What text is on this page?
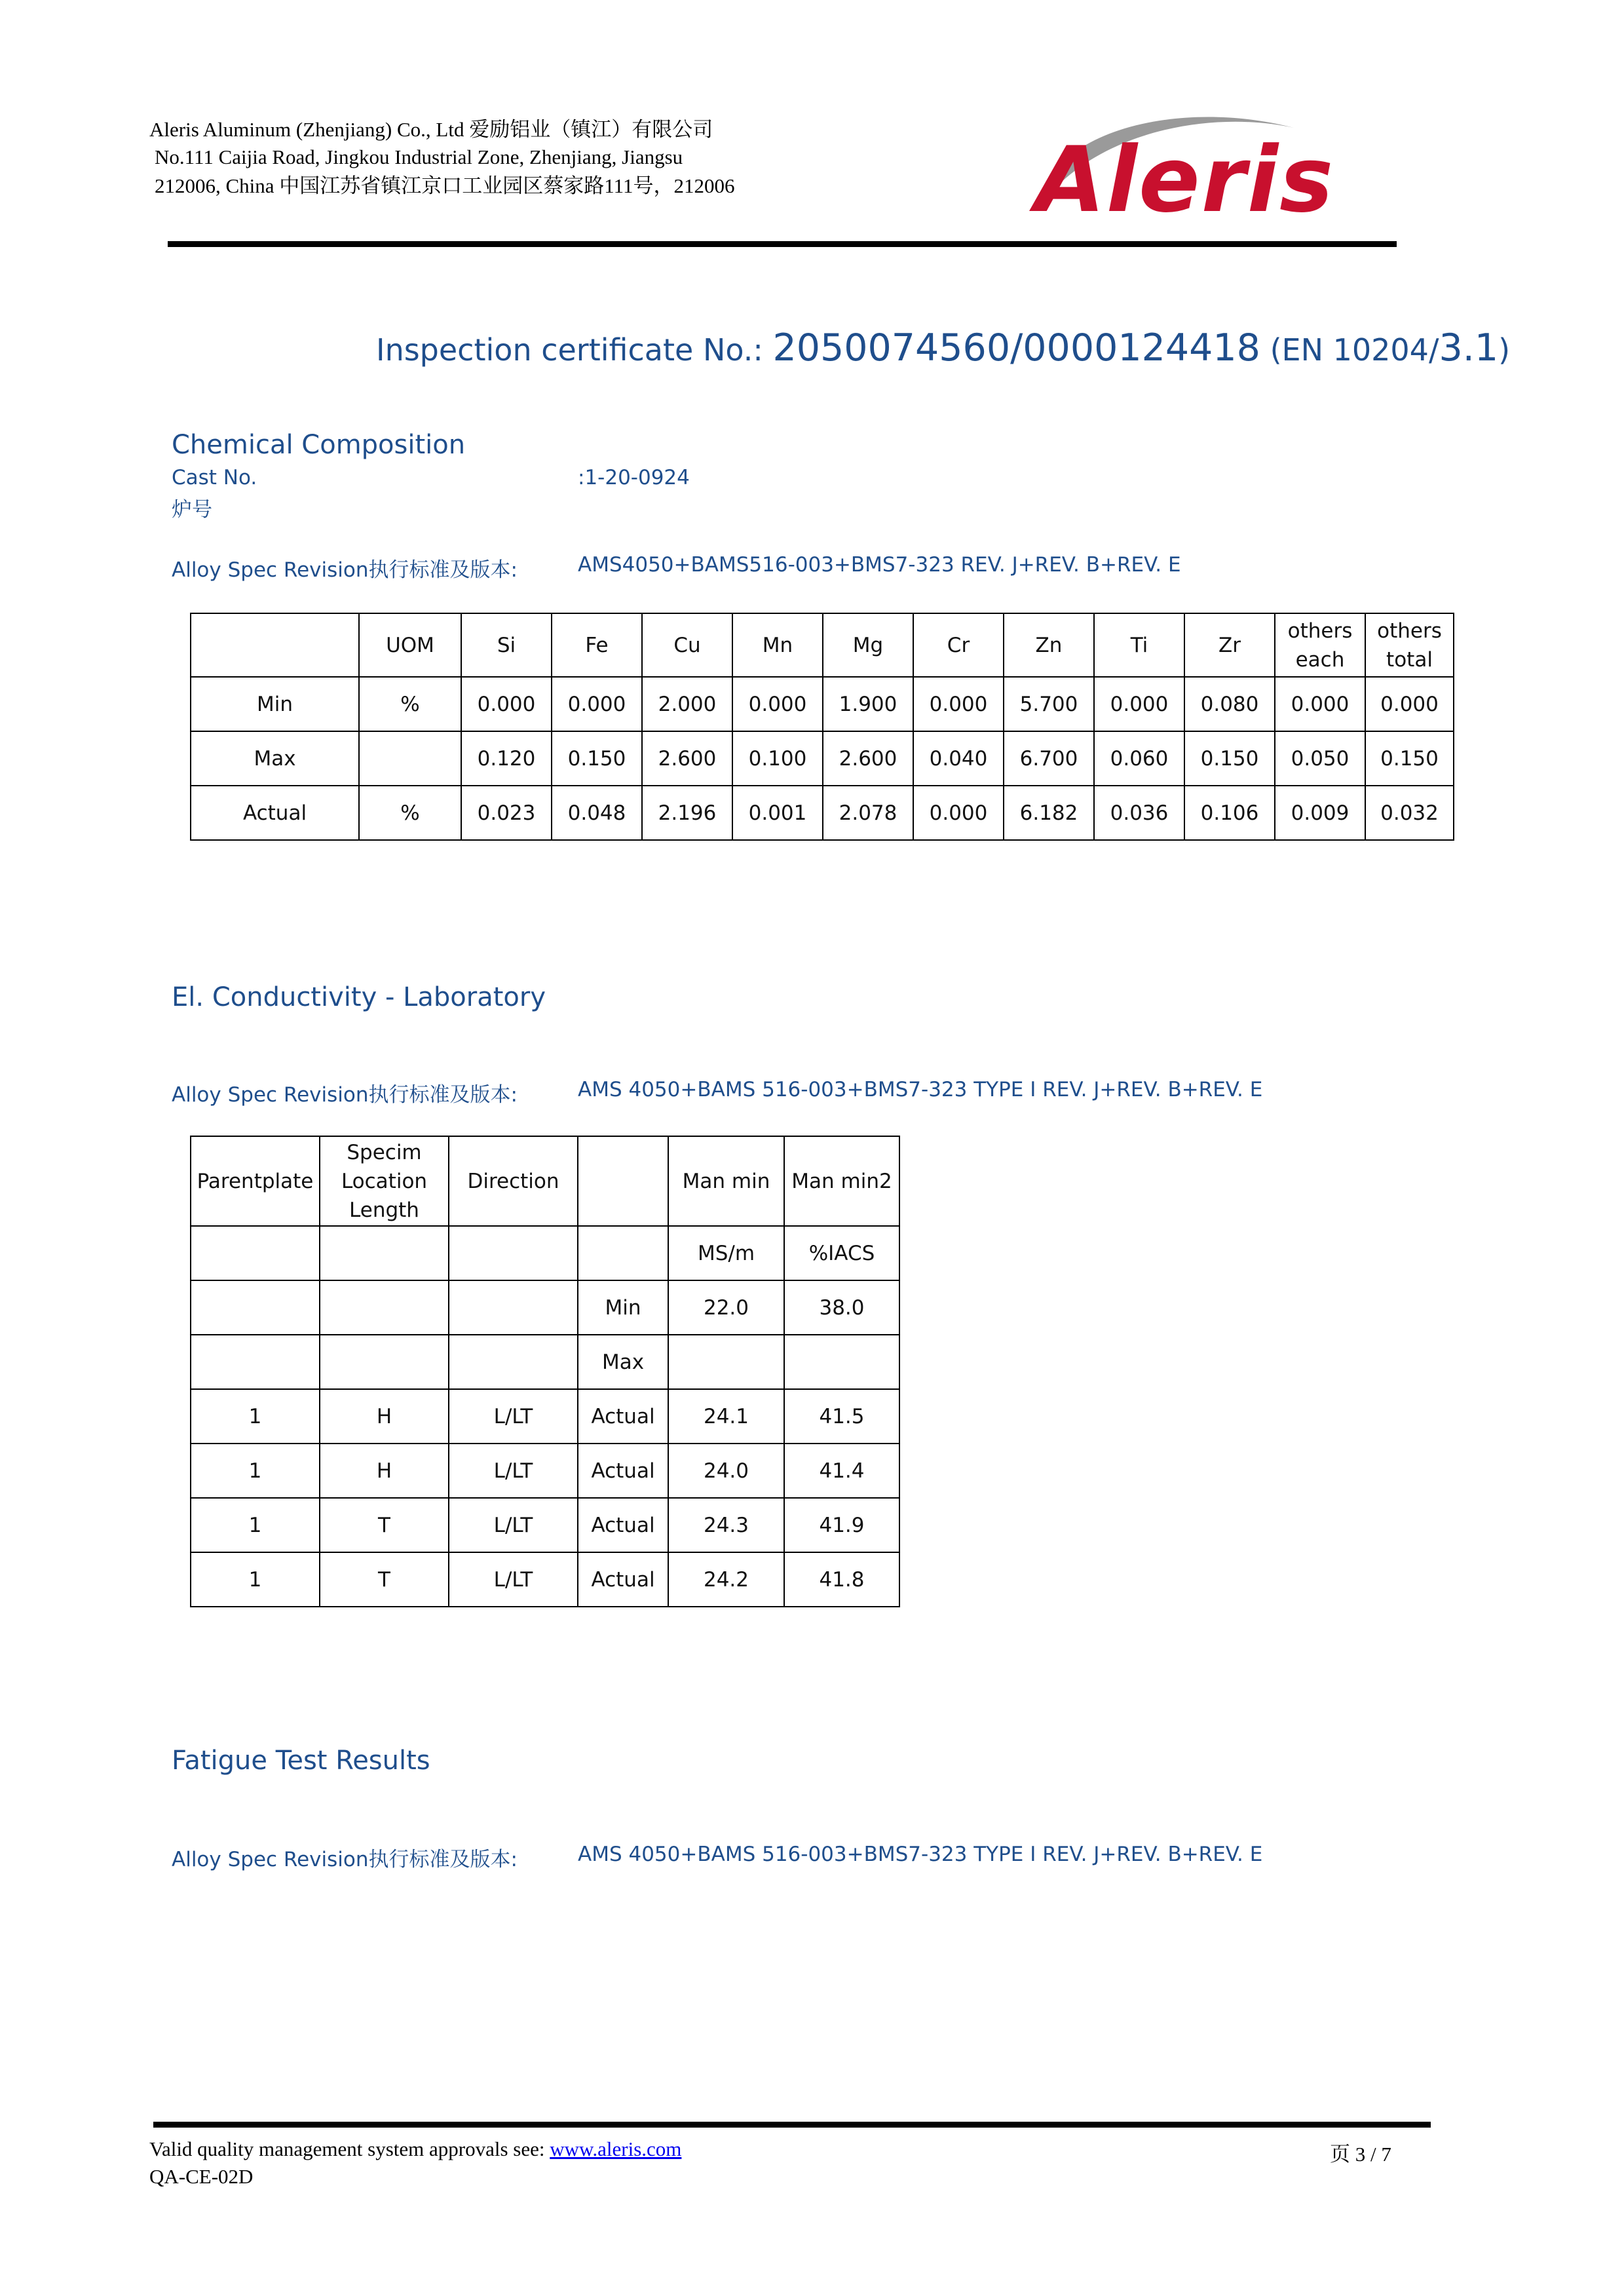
Aleris Aluminum (Zhenjiang) Co., Ltd 爱励铝业（镇江）有限公司
No.111 Caijia Road, Jingkou Industrial Zone, Zhenjiang, Jiangsu
212006, China 中国江苏省镇江京口工业园区蔡家路111号，212006	Aleris
Inspection certificate No.: 2050074560/0000124418 (EN 10204/3.1)
Chemical Composition
Cast No.
炉号
:1-20-0924
Alloy Spec Revision执行标准及版本:	AMS4050+BAMS516-003+BMS7-323 REV. J+REV. B+REV. E
	UOM	Si	Fe	Cu	Mn	Mg	Cr	Zn	Ti	Zr	others each	others total
Min	%	0.000	0.000	2.000	0.000	1.900	0.000	5.700	0.000	0.080	0.000	0.000
Max		0.120	0.150	2.600	0.100	2.600	0.040	6.700	0.060	0.150	0.050	0.150
Actual	%	0.023	0.048	2.196	0.001	2.078	0.000	6.182	0.036	0.106	0.009	0.032
El. Conductivity - Laboratory
Alloy Spec Revision执行标准及版本:	AMS 4050+BAMS 516-003+BMS7-323 TYPE I REV. J+REV. B+REV. E
Parentplate	Specim Location Length	Direction		Man min	Man min2
				MS/m	%IACS
			Min	22.0	38.0
			Max		
1	H	L/LT	Actual	24.1	41.5
1	H	L/LT	Actual	24.0	41.4
1	T	L/LT	Actual	24.3	41.9
1	T	L/LT	Actual	24.2	41.8
Fatigue Test Results
Alloy Spec Revision执行标准及版本:	AMS 4050+BAMS 516-003+BMS7-323 TYPE I REV. J+REV. B+REV. E
Valid quality management system approvals see: www.aleris.com
QA-CE-02D
页 3 / 7
